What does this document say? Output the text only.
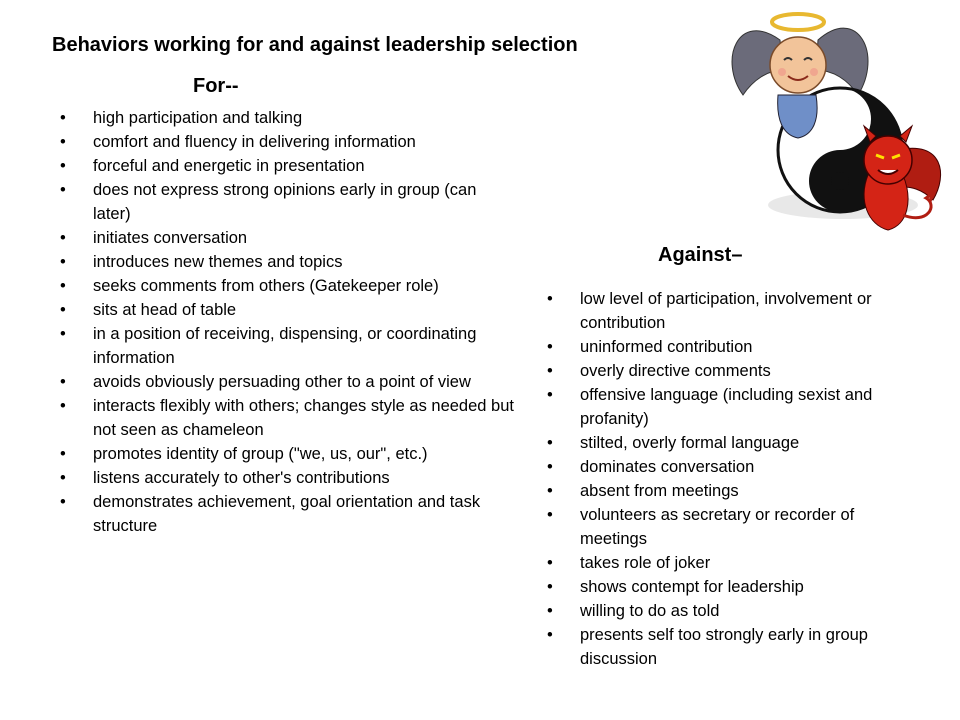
Behaviors working for and against leadership selection
For--
• high participation and talking
• comfort and fluency in delivering information
• forceful and energetic in presentation
• does not express strong opinions early in group (can later)
• initiates conversation
• introduces new themes and topics
• seeks comments from others (Gatekeeper role)
• sits at head of table
• in a position of receiving, dispensing, or coordinating information
• avoids obviously persuading other to a point of view
• interacts flexibly with others; changes style as needed but not seen as chameleon
• promotes identity of group ("we, us, our", etc.)
• listens accurately to other's contributions
• demonstrates achievement, goal orientation and task structure
Against–
• low level of participation, involvement or contribution
• uninformed contribution
• overly directive comments
• offensive language (including sexist and profanity)
• stilted, overly formal language
• dominates conversation
• absent from meetings
• volunteers as secretary or recorder of meetings
• takes role of joker
• shows contempt for leadership
• willing to do as told
• presents self too strongly early in group discussion
